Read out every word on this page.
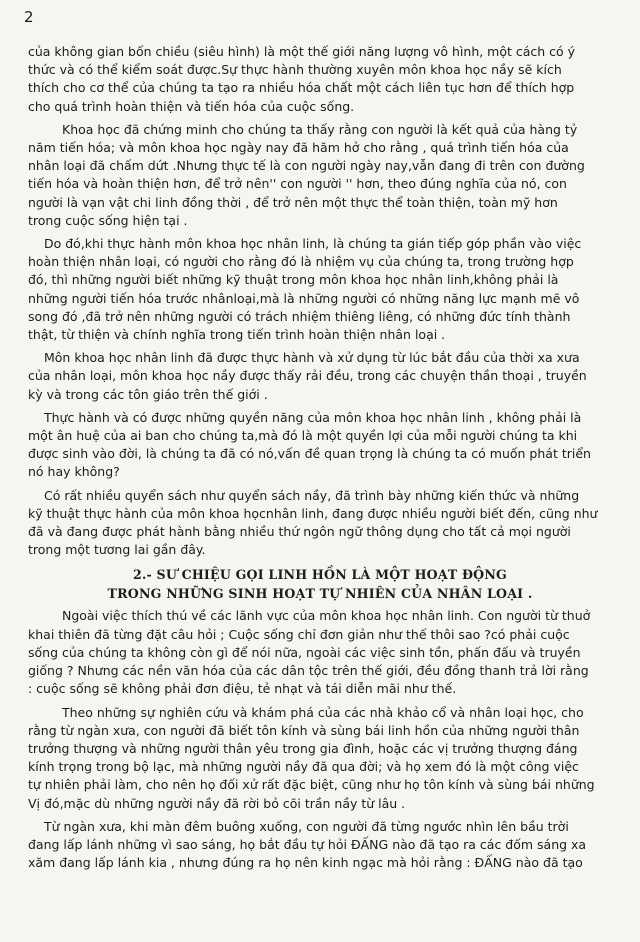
2

của không gian bốn chiều (siêu hình) là một thế giới năng lượng vô hình, một cách có ý
thức và có thể kiểm soát được.Sự thực hành thường xuyên môn khoa học nầy sẽ kích
thích cho cơ thể của chúng ta tạo ra nhiều hóa chất một cách liên tục hơn để thích hợp
cho quá trình hoàn thiện và tiến hóa của cuộc sống.

Khoa học đã chứng minh cho chúng ta thấy rằng con người là kết quả của hàng tỷ
năm tiến hóa; và môn khoa học ngày nay đã hăm hở cho rằng , quá trình tiến hóa của
nhân loại đã chấm dứt .Nhưng thực tế là con người ngày nay,vẫn đang đi trên con đường
tiến hóa và hoàn thiện hơn, để trở nên'' con người '' hơn, theo đúng nghĩa của nó, con
người là vạn vật chi linh đồng thời , để trở nên một thực thể toàn thiện, toàn mỹ hơn
trong cuộc sống hiện tại .

Do đó,khi thực hành môn khoa học nhân linh, là chúng ta gián tiếp góp phần vào việc
hoàn thiện nhân loại, có người cho rằng đó là nhiệm vụ của chúng ta, trong trường hợp
đó, thì những người biết những kỹ thuật trong môn khoa học nhân linh,không phải là
những người tiến hóa trước nhânloại,mà là những người có những năng lực mạnh mẽ vô
song đó ,đã trở nên những người có trách nhiệm thiêng liêng, có những đức tính thành
thật, từ thiện và chính nghĩa trong tiến trình hoàn thiện nhân loại .

Môn khoa học nhân linh đã được thực hành và xử dụng từ lúc bắt đầu của thời xa xưa
của nhân loại, môn khoa học nầy được thấy rải đều, trong các chuyện thần thoại , truyền
kỳ và trong các tôn giáo trên thế giới .

Thực hành và có được những quyền năng của môn khoa học nhân linh , không phải là
một ân huệ của ai ban cho chúng ta,mà đó là một quyền lợi của mỗi người chúng ta khi
được sinh vào đời, là chúng ta đã có nó,vấn đề quan trọng là chúng ta có muốn phát triển
nó hay không?

Có rất nhiều quyển sách như quyển sách nầy, đã trình bày những kiến thức và những
kỹ thuật thực hành của môn khoa họcnhân linh, đang được nhiều người biết đến, cũng như
đã và đang được phát hành bằng nhiều thứ ngôn ngữ thông dụng cho tất cả mọi người
trong một tương lai gần đây.

2.- SƯ CHIỆU GỌI LINH HỒN LÀ MỘT HOẠT ĐỘNG
TRONG NHỮNG SINH HOẠT TỰ NHIÊN CỦA NHÂN LOẠI .

Ngoài việc thích thú về các lãnh vực của môn khoa học nhân linh. Con người từ thuở
khai thiên đã từng đặt câu hỏi ; Cuộc sống chỉ đơn giản như thế thôi sao ?có phải cuộc
sống của chúng ta không còn gì để nói nữa, ngoài các việc sinh tồn, phấn đấu và truyền
giống ? Nhưng các nền văn hóa của các dân tộc trên thế giới, đều đồng thanh trả lời rằng
: cuộc sống sẽ không phải đơn điệu, tẻ nhạt và tái diễn mãi như thế.

Theo những sự nghiên cứu và khám phá của các nhà khảo cổ và nhân loại học, cho
rằng từ ngàn xưa, con người đã biết tôn kính và sùng bái linh hồn của những người thân
trưởng thượng và những người thân yêu trong gia đình, hoặc các vị trưởng thượng đáng
kính trọng trong bộ lạc, mà những người nầy đã qua đời; và họ xem đó là một công việc
tự nhiên phải làm, cho nên họ đối xử rất đặc biệt, cũng như họ tôn kính và sùng bái những
Vị đó,mặc dù những người nầy đã rời bỏ cõi trần nầy từ lâu .

Từ ngàn xưa, khi màn đêm buông xuống, con người đã từng ngước nhìn lên bầu trời
đang lấp lánh những vì sao sáng, họ bắt đầu tự hỏi ĐẤNG nào đã tạo ra các đốm sáng xa
xăm đang lấp lánh kia , nhưng đúng ra họ nên kinh ngạc mà hỏi rằng : ĐẤNG nào đã tạo
